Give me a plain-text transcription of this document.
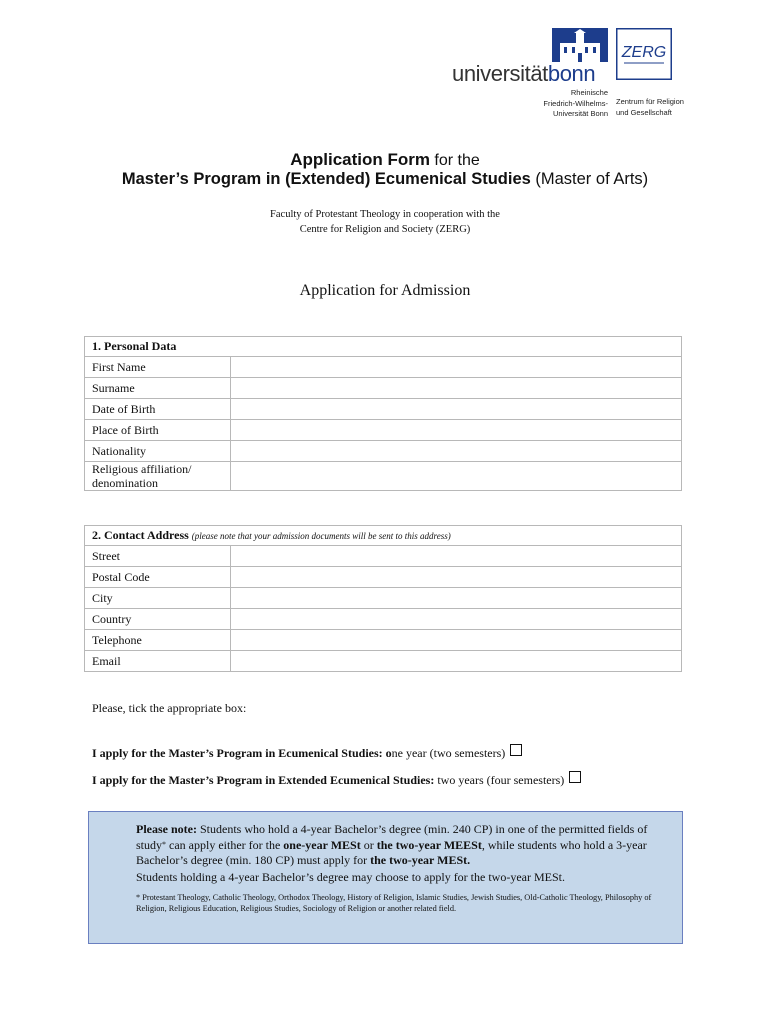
universitätbonn
Rheinische
Friedrich-Wilhelms-
Universität Bonn
ZERG
Zentrum für Religion
und Gesellschaft
Application Form for the
Master’s Program in (Extended) Ecumenical Studies (Master of Arts)
Faculty of Protestant Theology in cooperation with the
Centre for Religion and Society (ZERG)
Application for Admission
1. Personal Data	
First Name	
Surname	
Date of Birth	
Place of Birth	
Nationality	
Religious affiliation/ denomination	
2. Contact Address (please note that your admission documents will be sent to this address)	
Street	
Postal Code	
City	
Country	
Telephone	
Email	
Please, tick the appropriate box:
I apply for the Master’s Program in Ecumenical Studies: one year (two semesters)
I apply for the Master’s Program in Extended Ecumenical Studies: two years (four semesters)
Please note: Students who hold a 4-year Bachelor’s degree (min. 240 CP) in one of the permitted fields of study* can apply either for the one-year MESt or the two-year MEESt, while students who hold a 3-year Bachelor’s degree (min. 180 CP) must apply for the two-year MESt.
Students holding a 4-year Bachelor’s degree may choose to apply for the two-year MESt.
* Protestant Theology, Catholic Theology, Orthodox Theology, History of Religion, Islamic Studies, Jewish Studies, Old-Catholic Theology, Philosophy of Religion, Religious Education, Religious Studies, Sociology of Religion or another related field.
